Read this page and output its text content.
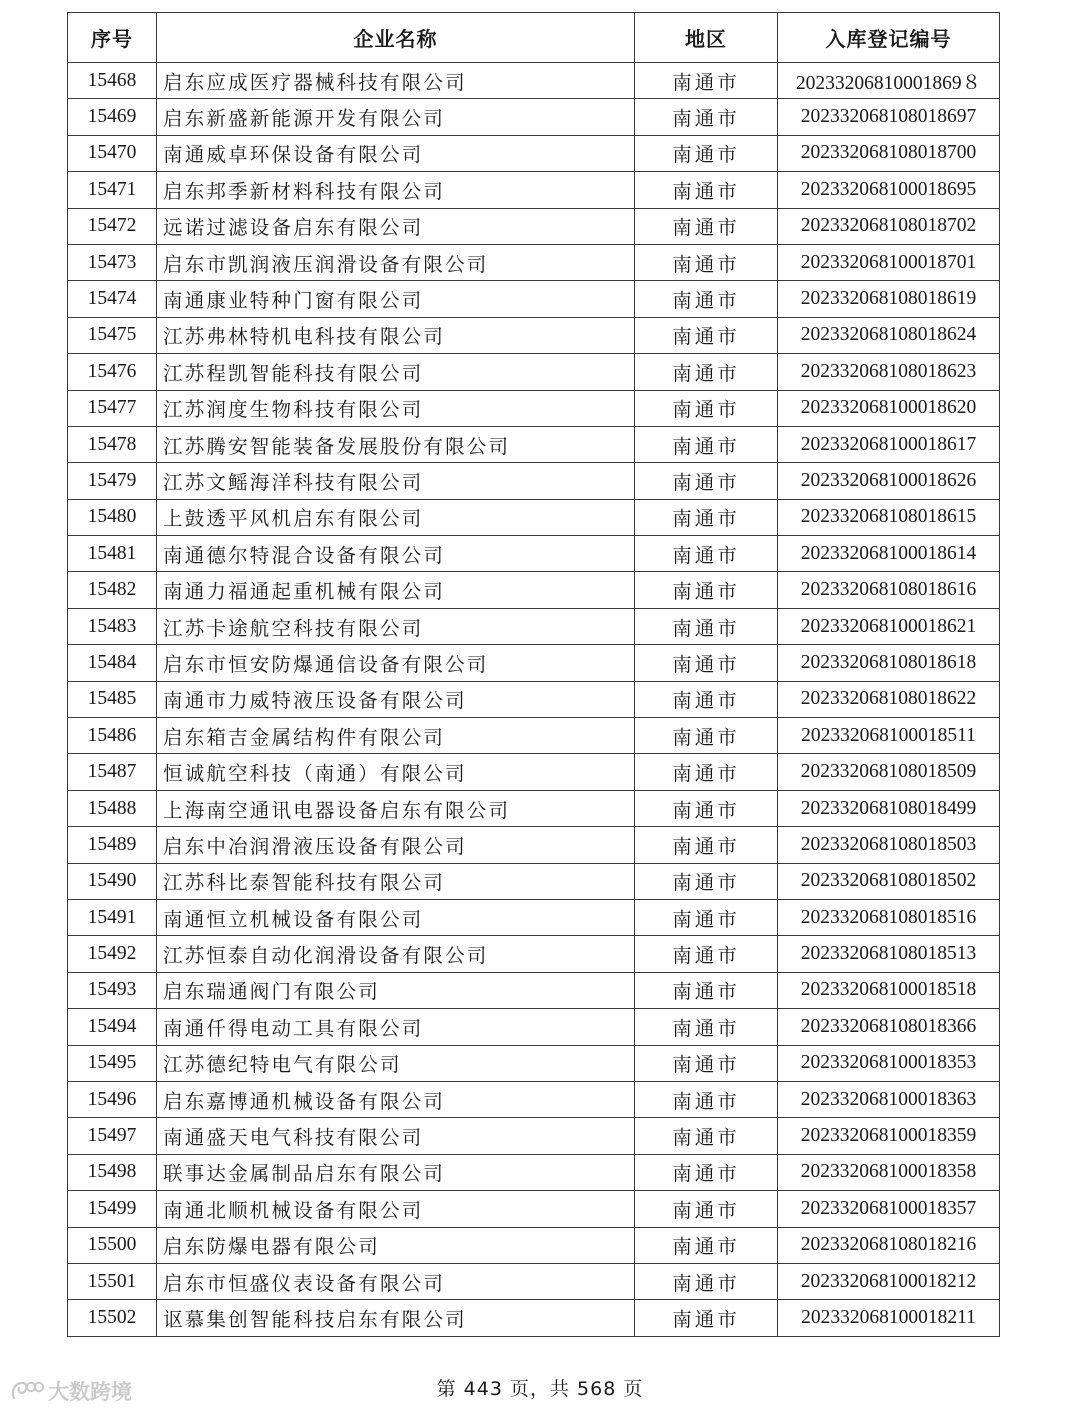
序号	企业名称	地区	入库登记编号
15468	启东应成医疗器械科技有限公司	南通市	20233206810001869８
15469	启东新盛新能源开发有限公司	南通市	202332068108018697
15470	南通威卓环保设备有限公司	南通市	202332068108018700
15471	启东邦季新材料科技有限公司	南通市	202332068100018695
15472	远诺过滤设备启东有限公司	南通市	202332068108018702
15473	启东市凯润液压润滑设备有限公司	南通市	202332068100018701
15474	南通康业特种门窗有限公司	南通市	202332068108018619
15475	江苏弗林特机电科技有限公司	南通市	202332068108018624
15476	江苏程凯智能科技有限公司	南通市	202332068108018623
15477	江苏润度生物科技有限公司	南通市	202332068100018620
15478	江苏腾安智能装备发展股份有限公司	南通市	202332068100018617
15479	江苏文鳐海洋科技有限公司	南通市	202332068100018626
15480	上鼓透平风机启东有限公司	南通市	202332068108018615
15481	南通德尔特混合设备有限公司	南通市	202332068100018614
15482	南通力福通起重机械有限公司	南通市	202332068108018616
15483	江苏卡途航空科技有限公司	南通市	202332068100018621
15484	启东市恒安防爆通信设备有限公司	南通市	202332068108018618
15485	南通市力威特液压设备有限公司	南通市	202332068108018622
15486	启东箱吉金属结构件有限公司	南通市	202332068100018511
15487	恒诚航空科技（南通）有限公司	南通市	202332068108018509
15488	上海南空通讯电器设备启东有限公司	南通市	202332068108018499
15489	启东中冶润滑液压设备有限公司	南通市	202332068108018503
15490	江苏科比泰智能科技有限公司	南通市	202332068108018502
15491	南通恒立机械设备有限公司	南通市	202332068108018516
15492	江苏恒泰自动化润滑设备有限公司	南通市	202332068108018513
15493	启东瑞通阀门有限公司	南通市	202332068100018518
15494	南通仟得电动工具有限公司	南通市	202332068108018366
15495	江苏德纪特电气有限公司	南通市	202332068100018353
15496	启东嘉博通机械设备有限公司	南通市	202332068100018363
15497	南通盛天电气科技有限公司	南通市	202332068100018359
15498	联事达金属制品启东有限公司	南通市	202332068100018358
15499	南通北顺机械设备有限公司	南通市	202332068100018357
15500	启东防爆电器有限公司	南通市	202332068108018216
15501	启东市恒盛仪表设备有限公司	南通市	202332068100018212
15502	讴慕集创智能科技启东有限公司	南通市	202332068100018211
大数跨境	第 443 页，共 568 页
